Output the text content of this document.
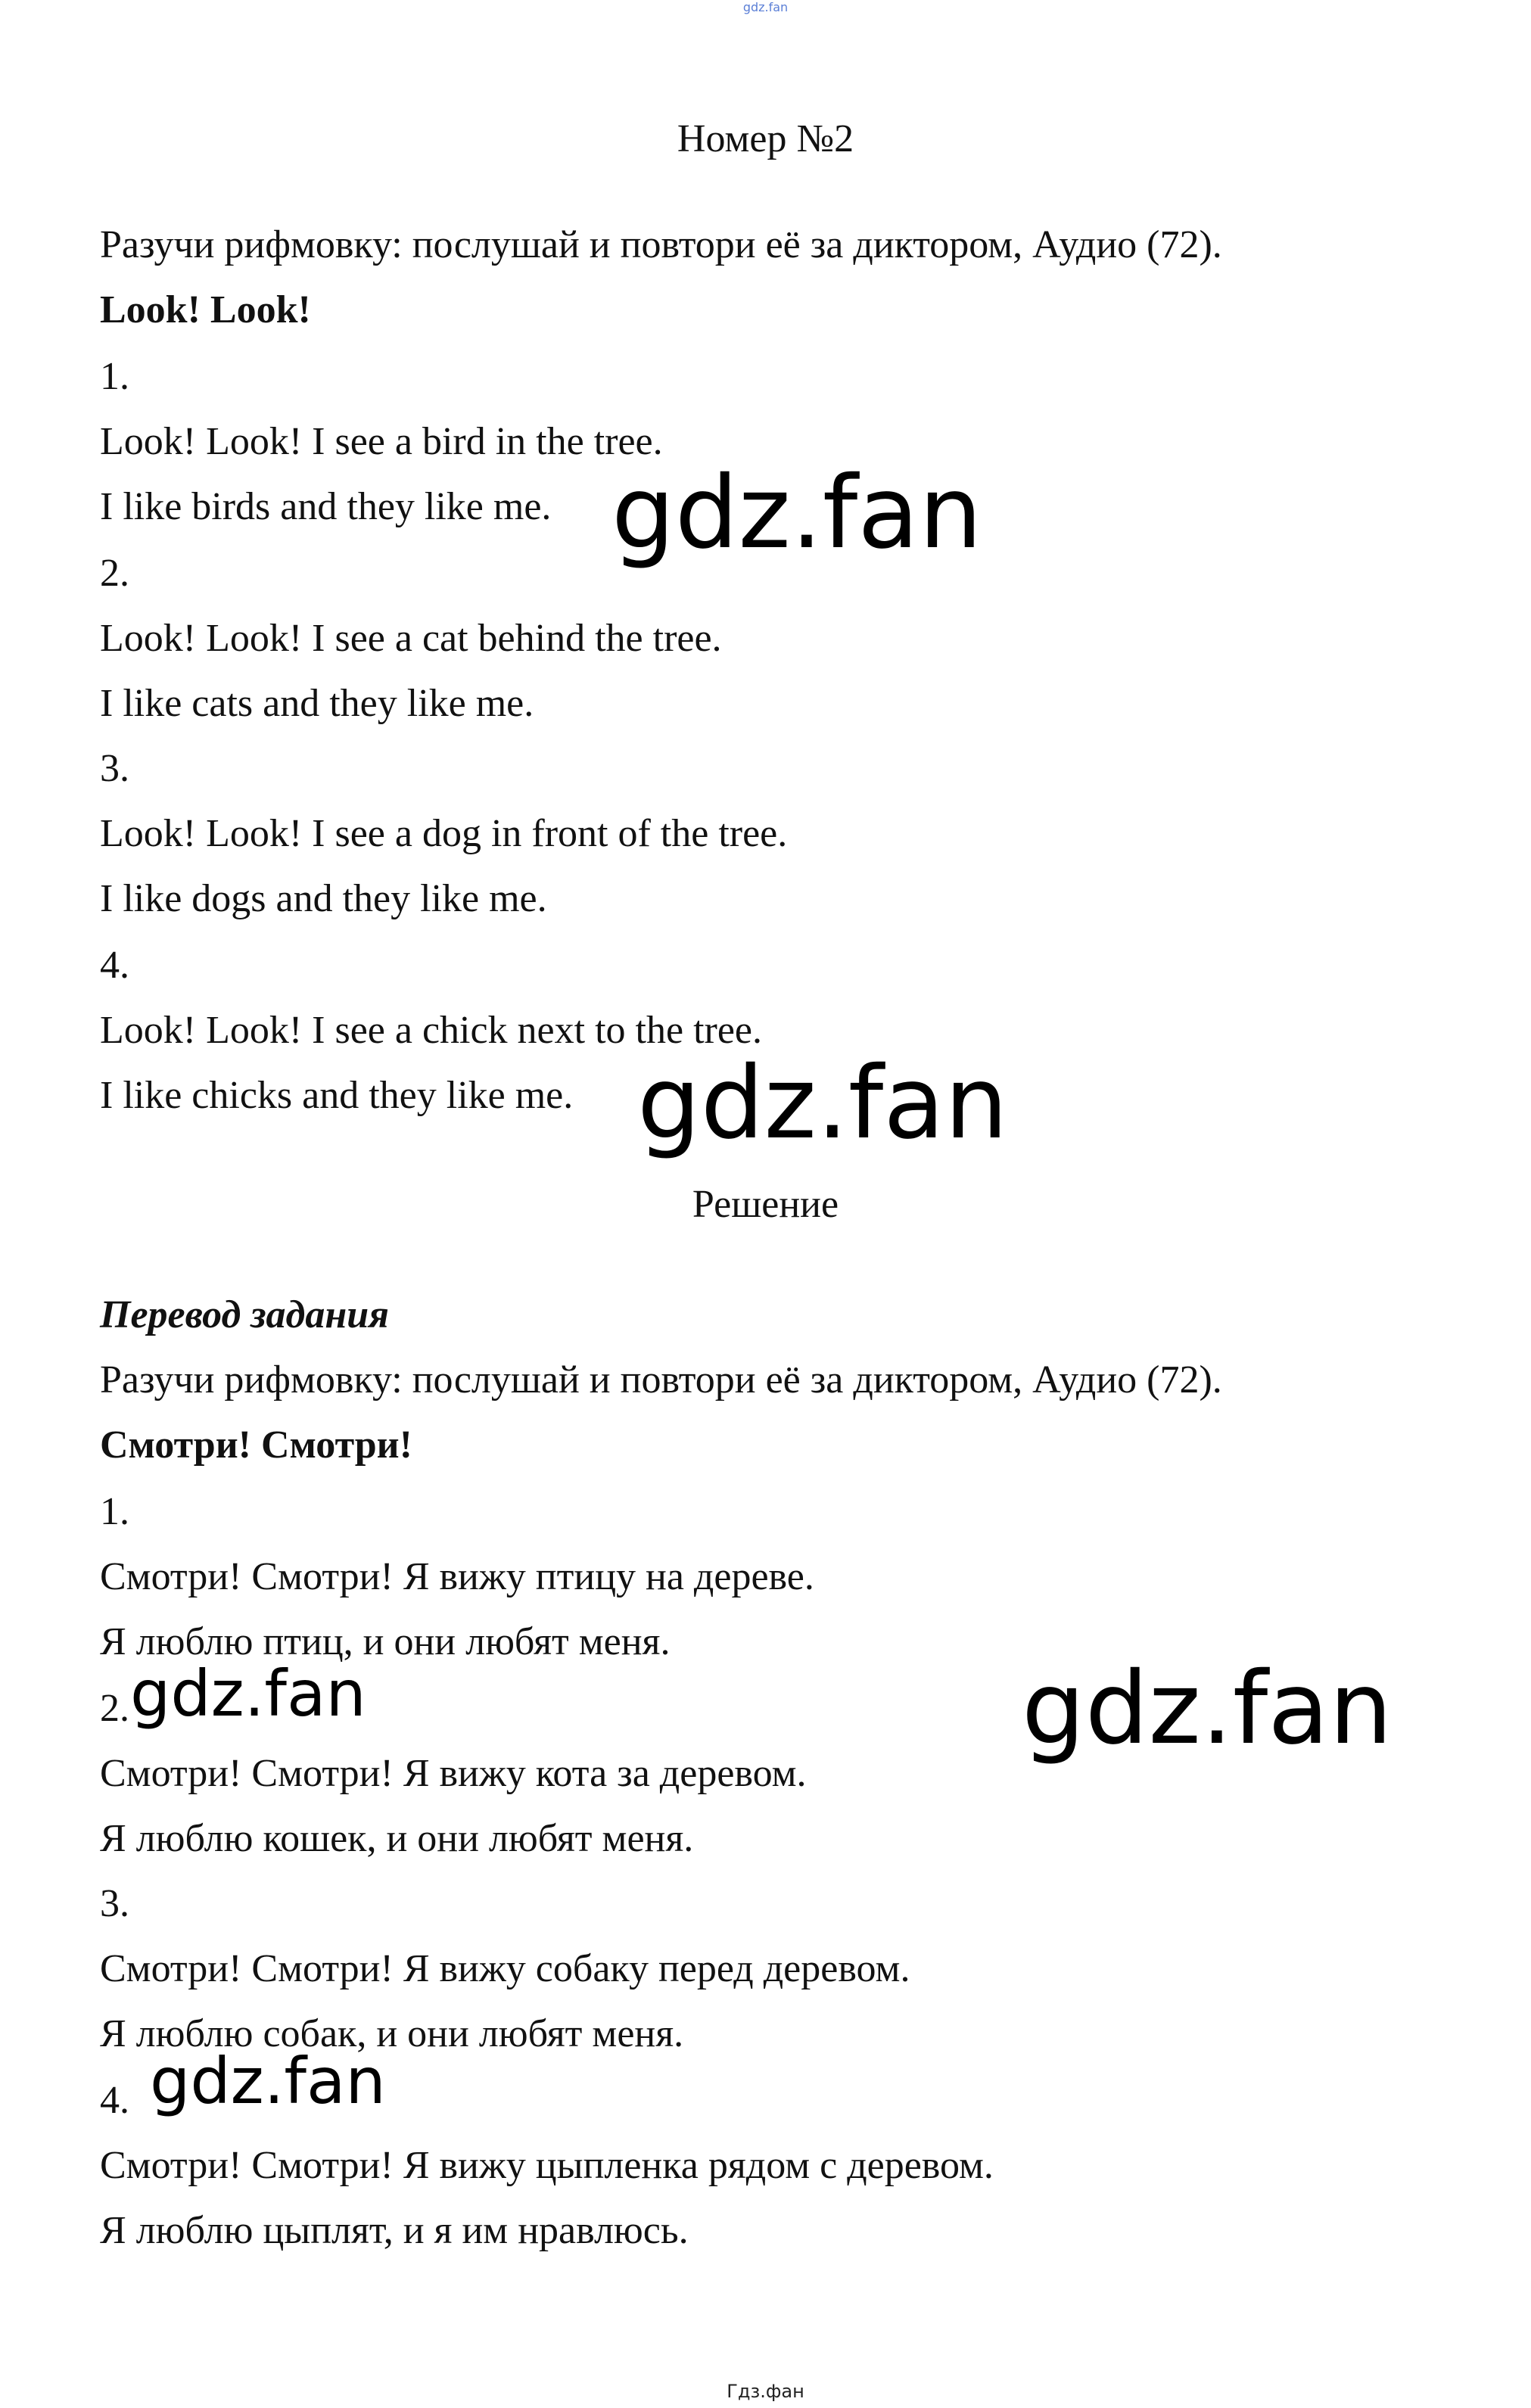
gdz.fan
Номер №2
Разучи рифмовку: послушай и повтори её за диктором, Аудио (72).
Look! Look!
1.
Look! Look! I see a bird in the tree.
I like birds and they like me.
2.
Look! Look! I see a cat behind the tree.
I like cats and they like me.
3.
Look! Look! I see a dog in front of the tree.
I like dogs and they like me.
4.
Look! Look! I see a chick next to the tree.
I like chicks and they like me.
Решение
Перевод задания
Разучи рифмовку: послушай и повтори её за диктором, Аудио (72).
Смотри! Смотри!
1.
Смотри! Смотри! Я вижу птицу на дереве.
Я люблю птиц, и они любят меня.
2.
Смотри! Смотри! Я вижу кота за деревом.
Я люблю кошек, и они любят меня.
3.
Смотри! Смотри! Я вижу собаку перед деревом.
Я люблю собак, и они любят меня.
4.
Смотри! Смотри! Я вижу цыпленка рядом с деревом.
Я люблю цыплят, и я им нравлюсь.
gdz.fan
gdz.fan
gdz.fan	gdz.fan
gdz.fan
Гдз.фан
